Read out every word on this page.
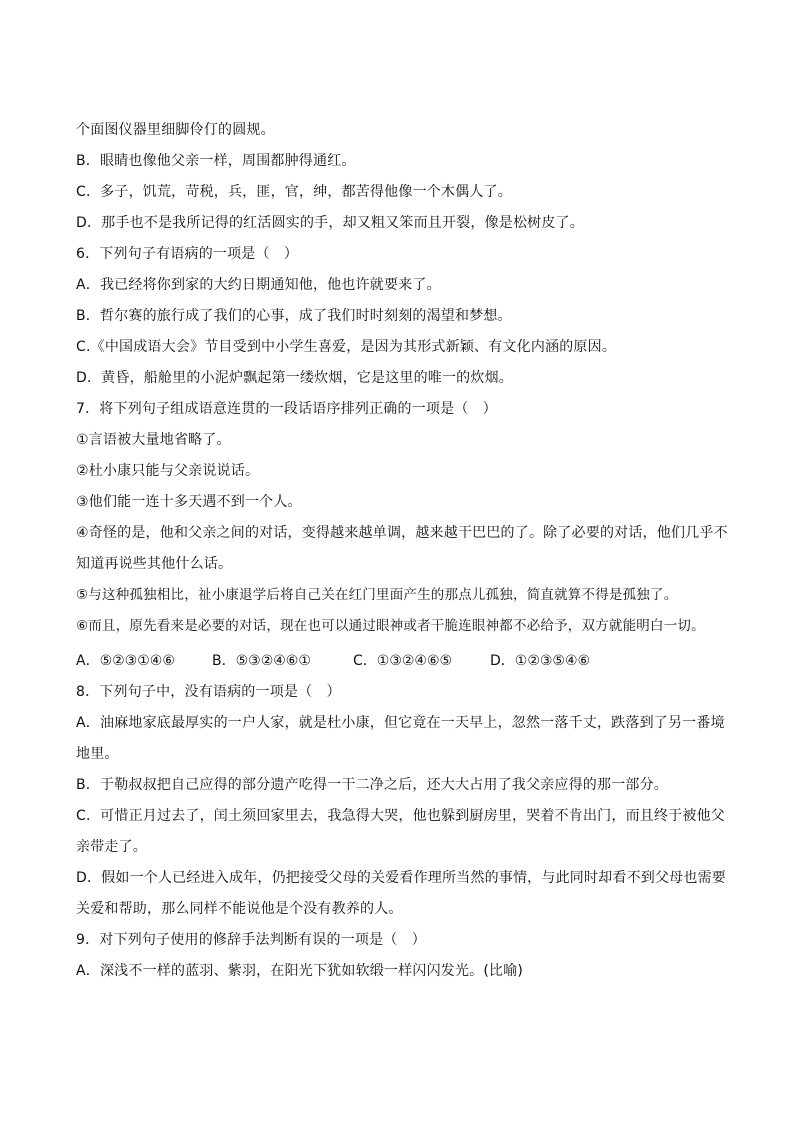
个面图仪器里细脚伶仃的圆规。
B．眼睛也像他父亲一样，周围都肿得通红。
C．多子，饥荒，苛税，兵，匪，官，绅，都苦得他像一个木偶人了。
D．那手也不是我所记得的红活圆实的手，却又粗又笨而且开裂，像是松树皮了。
6．下列句子有语病的一项是（　）
A．我已经将你到家的大约日期通知他，他也许就要来了。
B．哲尔赛的旅行成了我们的心事，成了我们时时刻刻的渴望和梦想。
C.《中国成语大会》节目受到中小学生喜爱，是因为其形式新颖、有文化内涵的原因。
D．黄昏，船舱里的小泥炉飘起第一缕炊烟，它是这里的唯一的炊烟。
7．将下列句子组成语意连贯的一段话语序排列正确的一项是（　）
①言语被大量地省略了。
②杜小康只能与父亲说说话。
③他们能一连十多天遇不到一个人。
④奇怪的是，他和父亲之间的对话，变得越来越单调，越来越干巴巴的了。除了必要的对话，他们几乎不
知道再说些其他什么话。
⑤与这种孤独相比，祉小康退学后将自己关在红门里面产生的那点儿孤独，简直就算不得是孤独了。
⑥而且，原先看来是必要的对话，现在也可以通过眼神或者干脆连眼神都不必给予，双方就能明白一切。
A．⑤②③①④⑥	B．⑤③②④⑥①	C．①③②④⑥⑤	D．①②③⑤④⑥
8．下列句子中，没有语病的一项是（　）
A．油麻地家底最厚实的一户人家，就是杜小康，但它竟在一天早上，忽然一落千丈，跌落到了另一番境
地里。
B．于勒叔叔把自己应得的部分遗产吃得一干二净之后，还大大占用了我父亲应得的那一部分。
C．可惜正月过去了，闰土须回家里去，我急得大哭，他也躲到厨房里，哭着不肯出门，而且终于被他父
亲带走了。
D．假如一个人已经进入成年，仍把接受父母的关爱看作理所当然的事情，与此同时却看不到父母也需要
关爱和帮助，那么同样不能说他是个没有教养的人。
9．对下列句子使用的修辞手法判断有误的一项是（　）
A．深浅不一样的蓝羽、紫羽，在阳光下犹如软缎一样闪闪发光。(比喻)
